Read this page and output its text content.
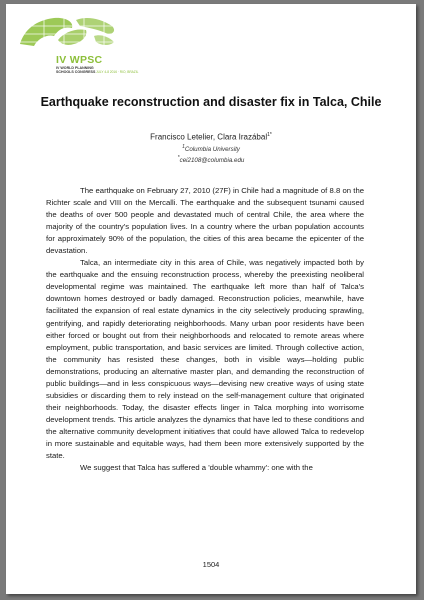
IV WPSC
IV WORLD PLANNING SCHOOLS CONGRESS JULY 4-8 2016 · RIO, BRAZIL
Earthquake reconstruction and disaster fix in Talca, Chile
Francisco Letelier, Clara Irazábal$^{1*}$
$^1$Columbia University
*cei2108@columbia.edu

The earthquake on February 27, 2010 (27F) in Chile had a magnitude of 8.8 on the Richter scale and VIII on the Mercalli. The earthquake and the subsequent tsunami caused the deaths of over 500 people and devastated much of central Chile, the area where the majority of the country's population lives. In a country where the urban population accounts for approximately 90% of the population, the cities of this area became the epicenter of the devastation.

Talca, an intermediate city in this area of Chile, was negatively impacted both by the earthquake and the ensuing reconstruction process, whereby the preexisting neoliberal developmental regime was maintained. The earthquake left more than half of Talca's downtown homes destroyed or badly damaged. Reconstruction policies, meanwhile, have facilitated the expansion of real estate dynamics in the city selectively producing sprawling, gentrifying, and rapidly deteriorating neighborhoods. Many urban poor residents have been either forced or bought out from their neighborhoods and relocated to remote areas where employment, public transportation, and basic services are limited. Through collective action, the community has resisted these changes, both in visible ways—holding public demonstrations, producing an alternative master plan, and demanding the reconstruction of public buildings—and in less conspicuous ways—devising new creative ways of using state subsidies or discarding them to rely instead on the self-management culture that originated their neighborhoods. Today, the disaster effects linger in Talca morphing into worrisome development trends. This article analyzes the dynamics that have led to these conditions and the alternative community development initiatives that could have allowed Talca to redevelop in more sustainable and equitable ways, had them been more extensively supported by the state.

We suggest that Talca has suffered a 'double whammy': one with the

1504
